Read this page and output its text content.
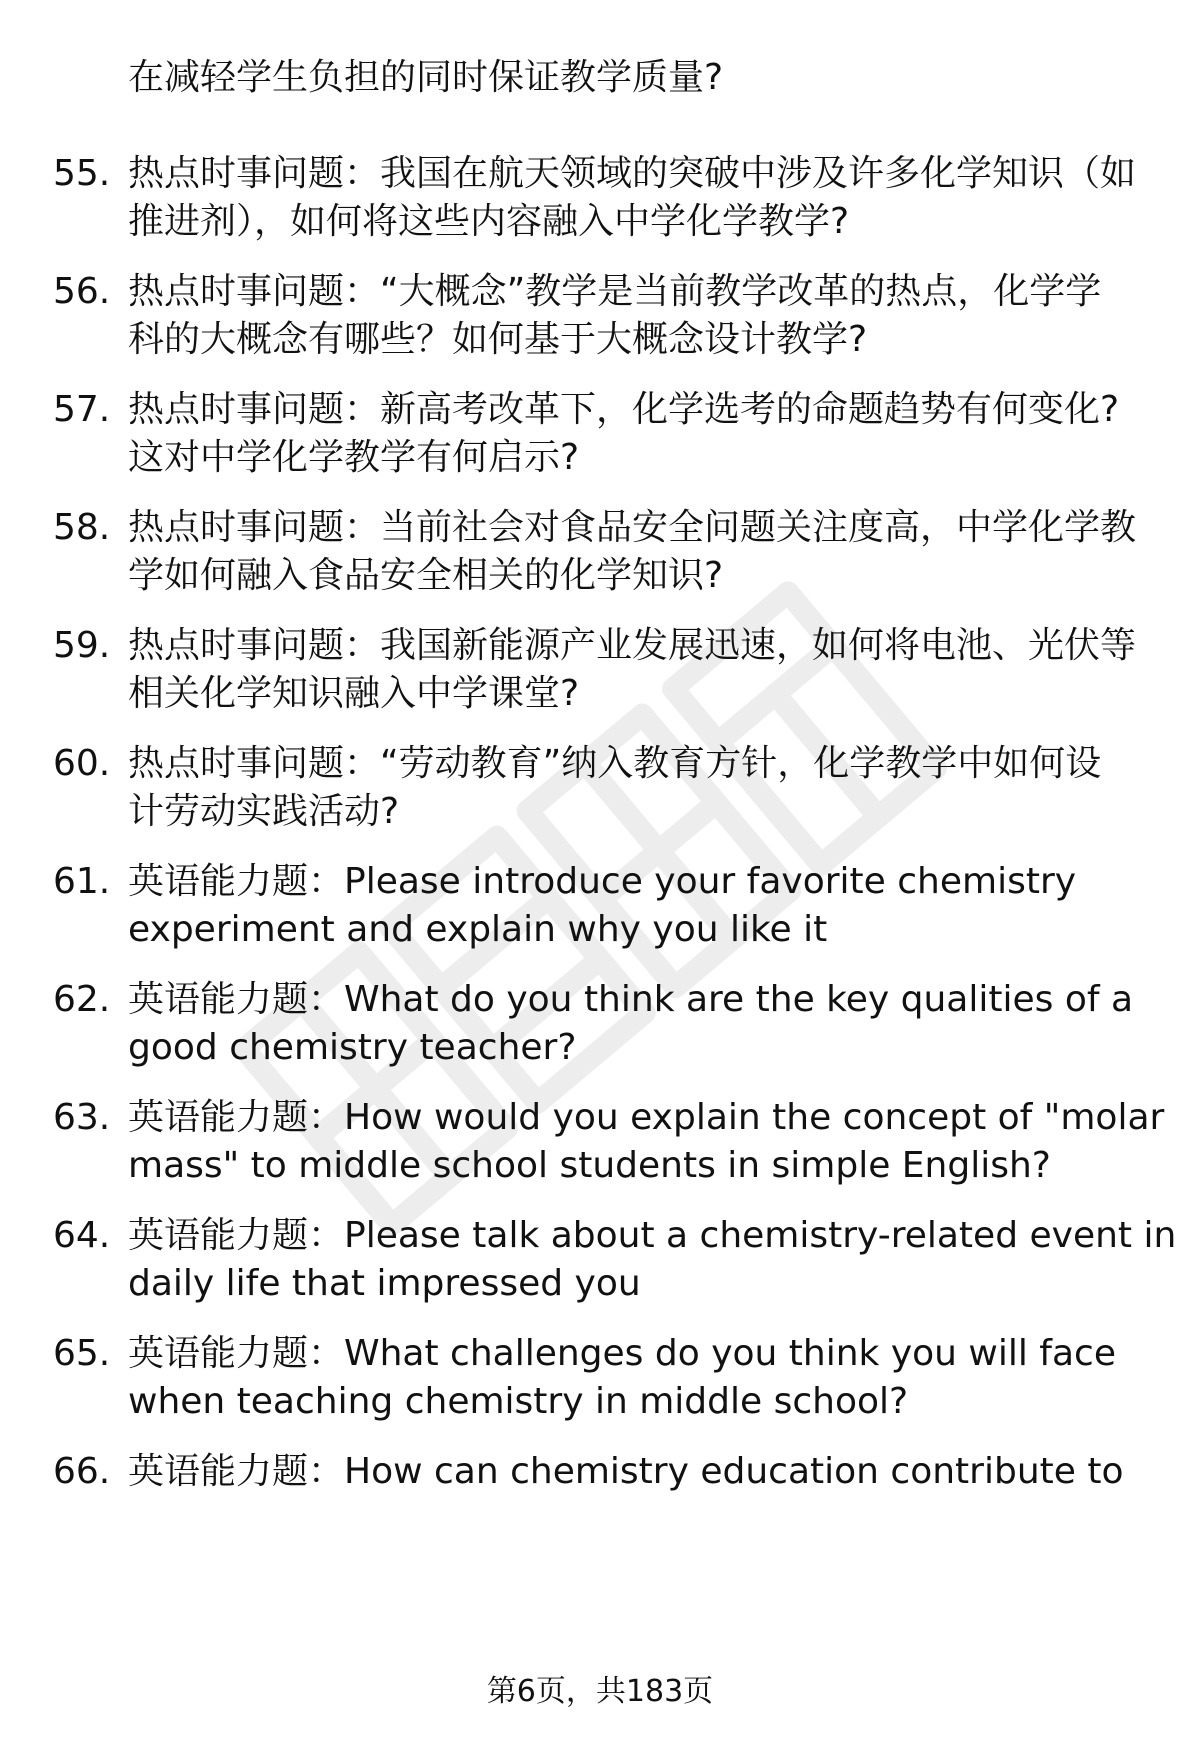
在减轻学生负担的同时保证教学质量?
55. 热点时事问题：我国在航天领域的突破中涉及许多化学知识（如
推进剂），如何将这些内容融入中学化学教学?
56. 热点时事问题：“大概念”教学是当前教学改革的热点，化学学
科的大概念有哪些？如何基于大概念设计教学?
57. 热点时事问题：新高考改革下，化学选考的命题趋势有何变化?
这对中学化学教学有何启示?
58. 热点时事问题：当前社会对食品安全问题关注度高，中学化学教
学如何融入食品安全相关的化学知识?
59. 热点时事问题：我国新能源产业发展迅速，如何将电池、光伏等
相关化学知识融入中学课堂?
60. 热点时事问题：“劳动教育”纳入教育方针，化学教学中如何设
计劳动实践活动?
61. 英语能力题：Please introduce your favorite chemistry
experiment and explain why you like it
62. 英语能力题：What do you think are the key qualities of a
good chemistry teacher?
63. 英语能力题：How would you explain the concept of "molar
mass" to middle school students in simple English?
64. 英语能力题：Please talk about a chemistry-related event in
daily life that impressed you
65. 英语能力题：What challenges do you think you will face
when teaching chemistry in middle school?
66. 英语能力题：How can chemistry education contribute to
第6页，共183页
